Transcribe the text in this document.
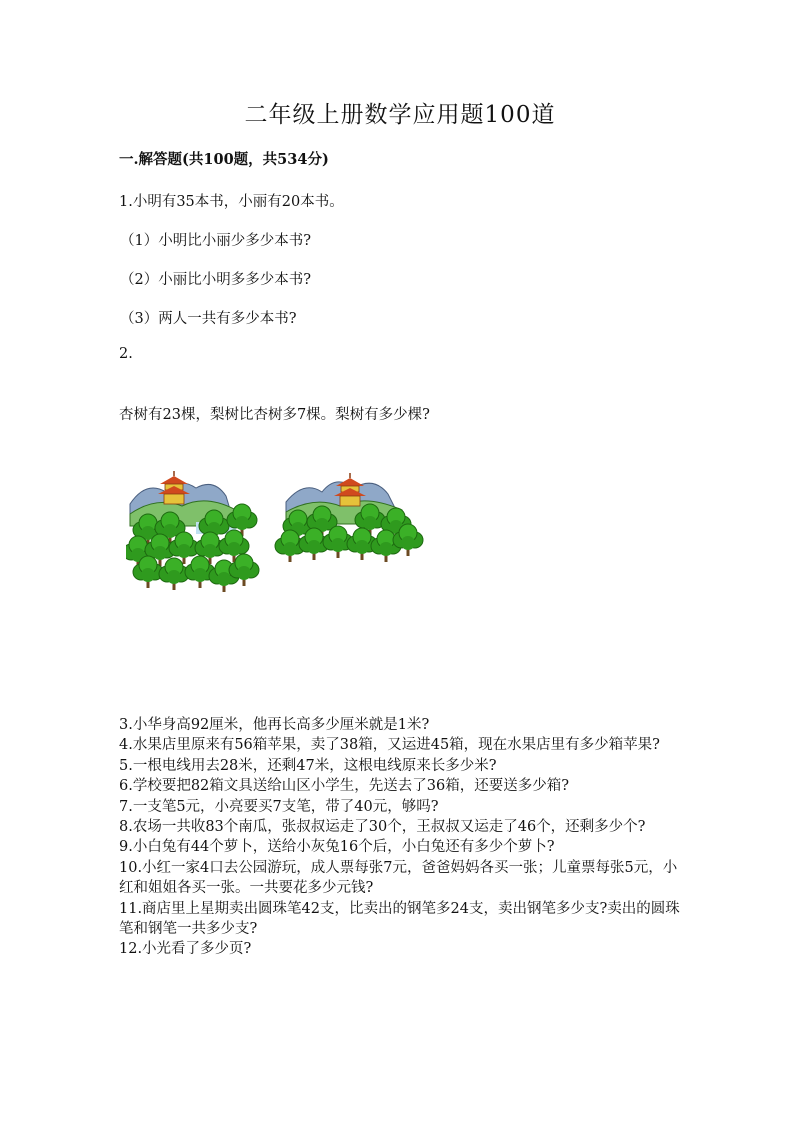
二年级上册数学应用题100道
一.解答题(共100题，共534分)
1.小明有35本书，小丽有20本书。
（1）小明比小丽少多少本书?
（2）小丽比小明多多少本书?
（3）两人一共有多少本书?
2.
杏树有23棵，梨树比杏树多7棵。梨树有多少棵?

3.小华身高92厘米，他再长高多少厘米就是1米?

4.水果店里原来有56箱苹果，卖了38箱，又运进45箱，现在水果店里有多少箱苹果?

5.一根电线用去28米，还剩47米，这根电线原来长多少米?

6.学校要把82箱文具送给山区小学生，先送去了36箱，还要送多少箱?

7.一支笔5元，小亮要买7支笔，带了40元，够吗?

8.农场一共收83个南瓜，张叔叔运走了30个，王叔叔又运走了46个，还剩多少个?

9.小白兔有44个萝卜，送给小灰兔16个后，小白兔还有多少个萝卜?

10.小红一家4口去公园游玩，成人票每张7元，爸爸妈妈各买一张；儿童票每张5元，小红和姐姐各买一张。一共要花多少元钱?

11.商店里上星期卖出圆珠笔42支，比卖出的钢笔多24支，卖出钢笔多少支?卖出的圆珠笔和钢笔一共多少支?

12.小光看了多少页?
